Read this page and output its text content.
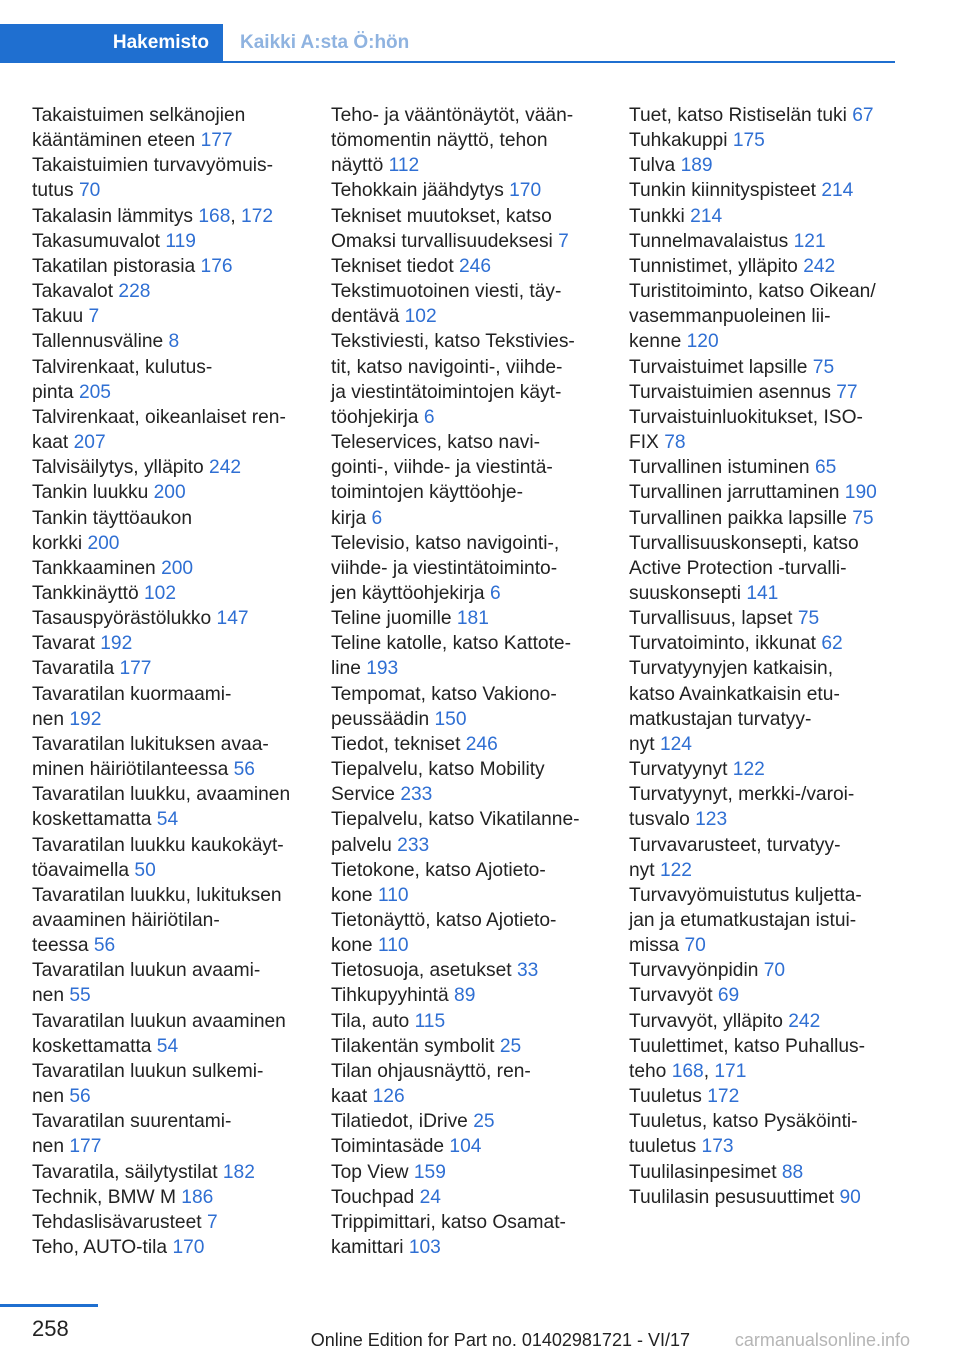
Hakemisto Kaikki A:sta Ö:hön
Takaistuimen selkänojien
kääntäminen eteen 177
Takaistuimien turvavyömuis-
tutus 70
Takalasin lämmitys 168, 172
Takasumuvalot 119
Takatilan pistorasia 176
Takavalot 228
Takuu 7
Tallennusväline 8
Talvirenkaat, kulutus-
pinta 205
Talvirenkaat, oikeanlaiset ren-
kaat 207
Talvisäilytys, ylläpito 242
Tankin luukku 200
Tankin täyttöaukon
korkki 200
Tankkaaminen 200
Tankkinäyttö 102
Tasauspyörästölukko 147
Tavarat 192
Tavaratila 177
Tavaratilan kuormaami-
nen 192
Tavaratilan lukituksen avaa-
minen häiriötilanteessa 56
Tavaratilan luukku, avaaminen
koskettamatta 54
Tavaratilan luukku kaukokäyt-
töavaimella 50
Tavaratilan luukku, lukituksen
avaaminen häiriötilan-
teessa 56
Tavaratilan luukun avaami-
nen 55
Tavaratilan luukun avaaminen
koskettamatta 54
Tavaratilan luukun sulkemi-
nen 56
Tavaratilan suurentami-
nen 177
Tavaratila, säilytystilat 182
Technik, BMW M 186
Tehdaslisävarusteet 7
Teho, AUTO-tila 170
Teho- ja vääntönäytöt, vään-
tömomentin näyttö, tehon
näyttö 112
Tehokkain jäähdytys 170
Tekniset muutokset, katso
Omaksi turvallisuudeksesi 7
Tekniset tiedot 246
Tekstimuotoinen viesti, täy-
dentävä 102
Tekstiviesti, katso Tekstivies-
tit, katso navigointi-, viihde-
ja viestintätoimintojen käyt-
töohjekirja 6
Teleservices, katso navi-
gointi-, viihde- ja viestintä-
toimintojen käyttöohje-
kirja 6
Televisio, katso navigointi-,
viihde- ja viestintätoiminto-
jen käyttöohjekirja 6
Teline juomille 181
Teline katolle, katso Kattote-
line 193
Tempomat, katso Vakiono-
peussäädin 150
Tiedot, tekniset 246
Tiepalvelu, katso Mobility
Service 233
Tiepalvelu, katso Vikatilanne-
palvelu 233
Tietokone, katso Ajotieto-
kone 110
Tietonäyttö, katso Ajotieto-
kone 110
Tietosuoja, asetukset 33
Tihkupyyhintä 89
Tila, auto 115
Tilakentän symbolit 25
Tilan ohjausnäyttö, ren-
kaat 126
Tilatiedot, iDrive 25
Toimintasäde 104
Top View 159
Touchpad 24
Trippimittari, katso Osamat-
kamittari 103
Tuet, katso Ristiselän tuki 67
Tuhkakuppi 175
Tulva 189
Tunkin kiinnityspisteet 214
Tunkki 214
Tunnelmavalaistus 121
Tunnistimet, ylläpito 242
Turistitoiminto, katso Oikean/
vasemmanpuoleinen lii-
kenne 120
Turvaistuimet lapsille 75
Turvaistuimien asennus 77
Turvaistuinluokitukset, ISO-
FIX 78
Turvallinen istuminen 65
Turvallinen jarruttaminen 190
Turvallinen paikka lapsille 75
Turvallisuuskonsepti, katso
Active Protection -turvalli-
suuskonsepti 141
Turvallisuus, lapset 75
Turvatoiminto, ikkunat 62
Turvatyynyjen katkaisin,
katso Avainkatkaisin etu-
matkustajan turvatyy-
nyt 124
Turvatyynyt 122
Turvatyynyt, merkki-/varoi-
tusvalo 123
Turvavarusteet, turvatyy-
nyt 122
Turvavyömuistutus kuljetta-
jan ja etumatkustajan istui-
missa 70
Turvavyönpidin 70
Turvavyöt 69
Turvavyöt, ylläpito 242
Tuulettimet, katso Puhallus-
teho 168, 171
Tuuletus 172
Tuuletus, katso Pysäköinti-
tuuletus 173
Tuulilasinpesimet 88
Tuulilasin pesusuuttimet 90
258	Online Edition for Part no. 01402981721 - VI/17 carmanualsonline.info
